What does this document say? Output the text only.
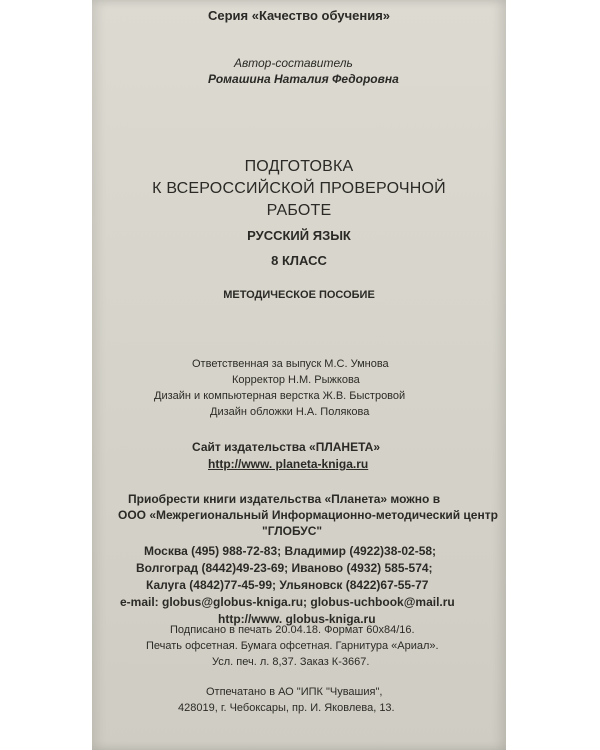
Серия «Качество обучения»
Автор-составитель
Ромашина Наталия Федоровна
ПОДГОТОВКА
К ВСЕРОССИЙСКОЙ ПРОВЕРОЧНОЙ
РАБОТЕ
РУССКИЙ ЯЗЫК
8 КЛАСС
МЕТОДИЧЕСКОЕ ПОСОБИЕ
Ответственная за выпуск М.С. Умнова
Корректор Н.М. Рыжкова
Дизайн и компьютерная верстка Ж.В. Быстровой
Дизайн обложки Н.А. Полякова
Сайт издательства «ПЛАНЕТА»
http://www. planeta-kniga.ru
Приобрести книги издательства «Планета» можно в
ООО «Межрегиональный Информационно-методический центр
"ГЛОБУС"
Москва (495) 988-72-83; Владимир (4922)38-02-58;
Волгоград (8442)49-23-69; Иваново (4932) 585-574;
Калуга (4842)77-45-99; Ульяновск (8422)67-55-77
e-mail: globus@globus-kniga.ru; globus-uchbook@mail.ru
http://www. globus-kniga.ru
Подписано в печать 20.04.18. Формат 60х84/16.
Печать офсетная. Бумага офсетная. Гарнитура «Ариал».
Усл. печ. л. 8,37. Заказ К-3667.
Отпечатано в АО "ИПК "Чувашия",
428019, г. Чебоксары, пр. И. Яковлева, 13.
